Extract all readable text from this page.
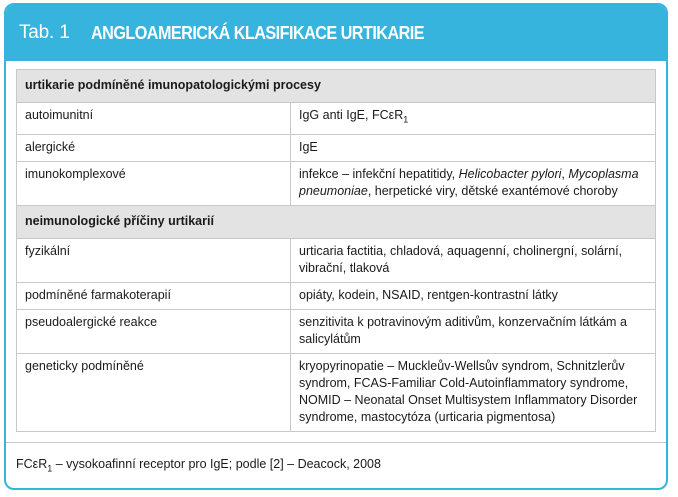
Tab. 1	ANGLOAMERICKÁ KLASIFIKACE URTIKARIE
urtikarie podmíněné imunopatologickými procesy	
autoimunitní	IgG anti IgE, FCεR$_1$
alergické	IgE
imunokomplexové	infekce – infekční hepatitidy, Helicobacter pylori, Mycoplasma pneumoniae, herpetické viry, dětské exantémové choroby
neimunologické příčiny urtikarií	
fyzikální	urticaria factitia, chladová, aquagenní, cholinergní, solární, vibrační, tlaková
podmíněné farmakoterapií	opiáty, kodein, NSAID, rentgen-kontrastní látky
pseudoalergické reakce	senzitivita k potravinovým aditivům, konzervačním látkám a salicylátům
geneticky podmíněné	kryopyrinopatie – Muckleův-Wellsův syndrom, Schnitzlerův syndrom, FCAS-Familiar Cold-Autoinflammatory syndrome, NOMID – Neonatal Onset Multisystem Inflammatory Disorder syndrome, mastocytóza (urticaria pigmentosa)
FCεR$_1$ – vysokoafinní receptor pro IgE; podle [2] – Deacock, 2008
